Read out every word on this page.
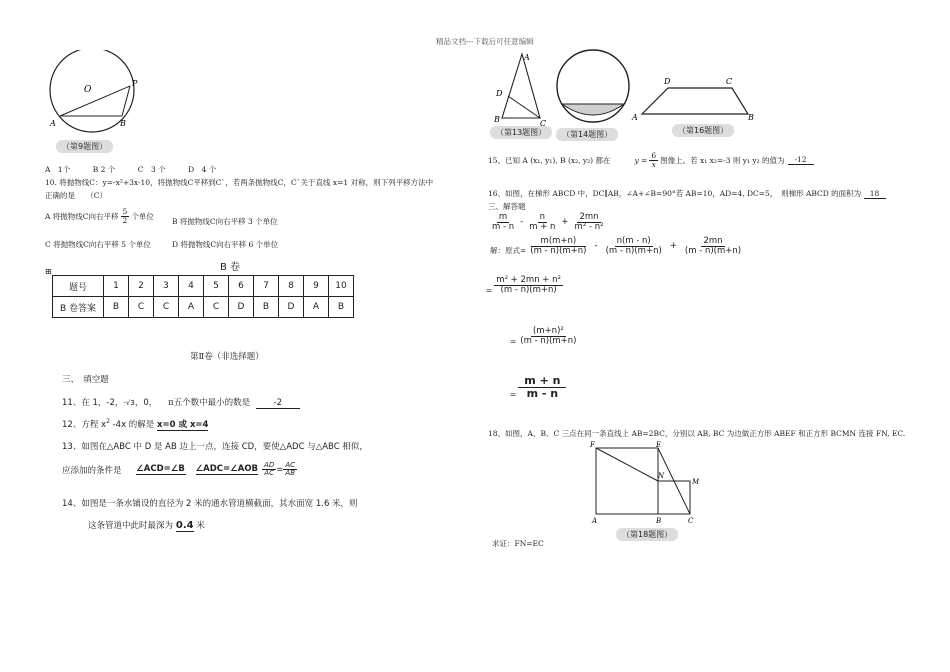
精品文档---下载后可任意编辑
O
P
A	B
（第9题图）
A　1个　　　B 2 个　　　C　3 个　　　D　4 个
10. 将抛物线C：y=-x²+3x-10，将抛物线C平移到C`，若两条抛物线C，C`关于直线 x=1 对称，则下列平移方法中
正确的是　　（C）
A 将抛物线C向右平移 $\frac{5}{2}$ 个单位
B 将抛物线C向右平移 3 个单位
C 将抛物线C向右平移 5 个单位	D 将抛物线C向右平移 6 个单位
B 卷
⊞
题号	1	2	3	4	5	6	7	8	9	10
B 卷答案	B	C	C	A	C	D	B	D	A	B
第Ⅱ卷（非选择题）
三、　填空题
11、在 1，-2，-√3，0， π五个数中最小的数是	-2
12、方程 $x^2$ -4x 的解是 x=0 或 x=4
13、如图在△ABC 中 D 是 AB 边上一点，连接 CD，要使△ADC 与△ABC 相似，
应添加的条件是 ∠ACD=∠B ∠ADC=∠AOB $\frac{AD}{AC} = \frac{AC}{AB}$
14、如图是一条水铺设的直径为 2 米的通水管道横截面，其水面宽 1.6 米，则
这条管道中此时最深为 0.4 米
A
D
B	C
（第13题图）	（第14题图）
D	C
A	B
（第16题图）
15、已知 A (x₁, y₁), B (x₂, y₂) 都在	$y = \frac{6}{x}$ 图像上。若 x₁ x₂=-3 则 y₁ y₂ 的值为	-12
16、如图，在梯形 ABCD 中，DC∥AB，∠A+∠B=90°若 AB=10，AD=4, DC=5，　则梯形 ABCD 的面积为 18
三、解答题
$\frac{m}{m - n} - \frac{n}{m + n} + \frac{2mn}{\text{m² - n²}}$
解：原式= $\frac{m(m+n)}{(m - n)(m+n)} - \frac{n(m - n)}{(m - n)(m+n)} + \frac{2mn}{(m - n)(m+n)}$
= $\frac{\text{m² + 2mn + n²}}{(m - n)(m+n)}$
= $\frac{\text{(m+n)²}}{(m - n)(m+n)}$
= $\frac{m + n}{m - n}$
18、如图，A、B、C 三点在同一条直线上 AB=2BC，分别以 AB, BC 为边做正方形 ABEF 和正方形 BCMN 连接 FN, EC.
F	E
N
M
A	B	C
（第18题图）
求证：FN=EC
